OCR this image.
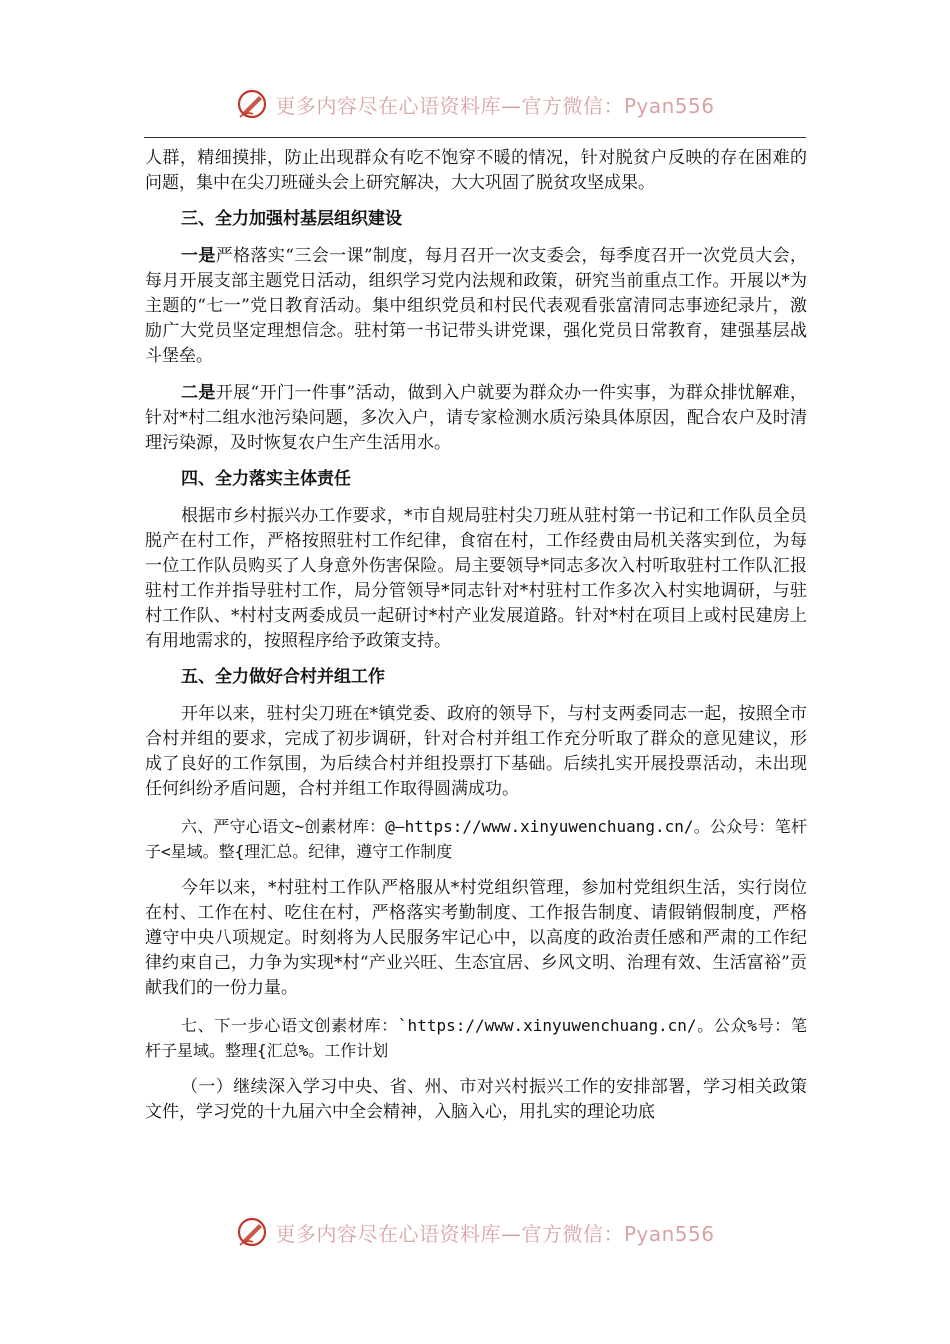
更多内容尽在心语资料库—官方微信：Pyan556

人群，精细摸排，防止出现群众有吃不饱穿不暖的情况，针对脱贫户反映的存在困难的问题，集中在尖刀班碰头会上研究解决，大大巩固了脱贫攻坚成果。

三、全力加强村基层组织建设

一是严格落实“三会一课”制度，每月召开一次支委会，每季度召开一次党员大会，每月开展支部主题党日活动，组织学习党内法规和政策，研究当前重点工作。开展以*为主题的“七一”党日教育活动。集中组织党员和村民代表观看张富清同志事迹纪录片，激励广大党员坚定理想信念。驻村第一书记带头讲党课，强化党员日常教育，建强基层战斗堡垒。

二是开展“开门一件事”活动，做到入户就要为群众办一件实事，为群众排忧解难，针对*村二组水池污染问题，多次入户，请专家检测水质污染具体原因，配合农户及时清理污染源，及时恢复农户生产生活用水。

四、全力落实主体责任

根据市乡村振兴办工作要求，*市自规局驻村尖刀班从驻村第一书记和工作队员全员脱产在村工作，严格按照驻村工作纪律，食宿在村，工作经费由局机关落实到位，为每一位工作队员购买了人身意外伤害保险。局主要领导*同志多次入村听取驻村工作队汇报驻村工作并指导驻村工作，局分管领导*同志针对*村驻村工作多次入村实地调研，与驻村工作队、*村村支两委成员一起研讨*村产业发展道路。针对*村在项目上或村民建房上有用地需求的，按照程序给予政策支持。

五、全力做好合村并组工作

开年以来，驻村尖刀班在*镇党委、政府的领导下，与村支两委同志一起，按照全市合村并组的要求，完成了初步调研，针对合村并组工作充分听取了群众的意见建议，形成了良好的工作氛围，为后续合村并组投票打下基础。后续扎实开展投票活动，未出现任何纠纷矛盾问题，合村并组工作取得圆满成功。

六、严守心语文~创素材库：@—https://www.xinyuwenchuang.cn/。公众号：笔杆子<星域。整{理汇总。纪律，遵守工作制度

今年以来，*村驻村工作队严格服从*村党组织管理，参加村党组织生活，实行岗位在村、工作在村、吃住在村，严格落实考勤制度、工作报告制度、请假销假制度，严格遵守中央八项规定。时刻将为人民服务牢记心中，以高度的政治责任感和严肃的工作纪律约束自己，力争为实现*村“产业兴旺、生态宜居、乡风文明、治理有效、生活富裕”贡献我们的一份力量。

七、下一步心语文创素材库：`https://www.xinyuwenchuang.cn/。公众%号：笔杆子星域。整理{汇总%。工作计划

（一）继续深入学习中央、省、州、市对兴村振兴工作的安排部署，学习相关政策文件，学习党的十九届六中全会精神，入脑入心，用扎实的理论功底

更多内容尽在心语资料库—官方微信：Pyan556
